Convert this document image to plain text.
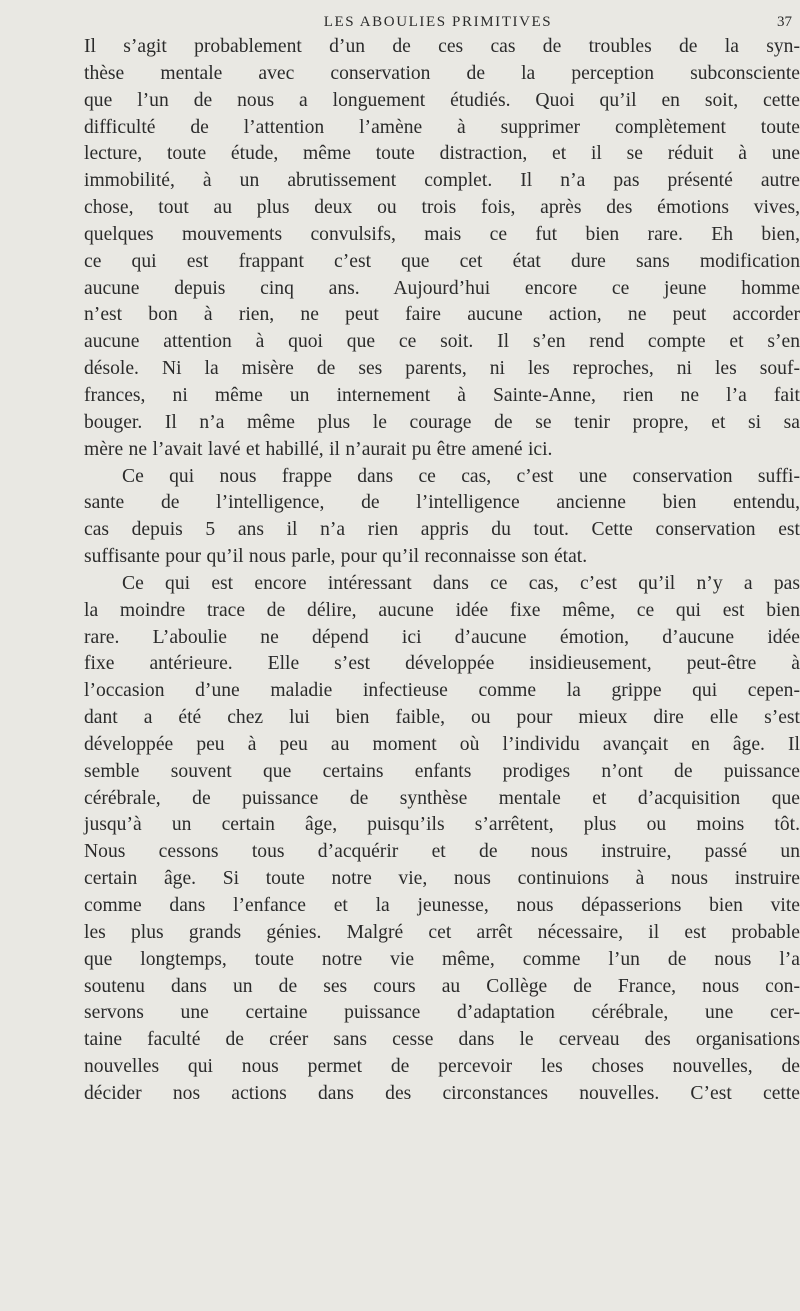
LES ABOULIES PRIMITIVES	37
Il s’agit probablement d’un de ces cas de troubles de la syn-
thèse mentale avec conservation de la perception subconsciente
que l’un de nous a longuement étudiés. Quoi qu’il en soit, cette
difficulté de l’attention l’amène à supprimer complètement toute
lecture, toute étude, même toute distraction, et il se réduit à une
immobilité, à un abrutissement complet. Il n’a pas présenté autre
chose, tout au plus deux ou trois fois, après des émotions vives,
quelques mouvements convulsifs, mais ce fut bien rare. Eh bien,
ce qui est frappant c’est que cet état dure sans modification
aucune depuis cinq ans. Aujourd’hui encore ce jeune homme
n’est bon à rien, ne peut faire aucune action, ne peut accorder
aucune attention à quoi que ce soit. Il s’en rend compte et s’en
désole. Ni la misère de ses parents, ni les reproches, ni les souf-
frances, ni même un internement à Sainte-Anne, rien ne l’a fait
bouger. Il n’a même plus le courage de se tenir propre, et si sa
mère ne l’avait lavé et habillé, il n’aurait pu être amené ici.
Ce qui nous frappe dans ce cas, c’est une conservation suffi-
sante de l’intelligence, de l’intelligence ancienne bien entendu,
cas depuis 5 ans il n’a rien appris du tout. Cette conservation est
suffisante pour qu’il nous parle, pour qu’il reconnaisse son état.
Ce qui est encore intéressant dans ce cas, c’est qu’il n’y a pas
la moindre trace de délire, aucune idée fixe même, ce qui est bien
rare. L’aboulie ne dépend ici d’aucune émotion, d’aucune idée
fixe antérieure. Elle s’est développée insidieusement, peut-être à
l’occasion d’une maladie infectieuse comme la grippe qui cepen-
dant a été chez lui bien faible, ou pour mieux dire elle s’est
développée peu à peu au moment où l’individu avançait en âge. Il
semble souvent que certains enfants prodiges n’ont de puissance
cérébrale, de puissance de synthèse mentale et d’acquisition que
jusqu’à un certain âge, puisqu’ils s’arrêtent, plus ou moins tôt.
Nous cessons tous d’acquérir et de nous instruire, passé un
certain âge. Si toute notre vie, nous continuions à nous instruire
comme dans l’enfance et la jeunesse, nous dépasserions bien vite
les plus grands génies. Malgré cet arrêt nécessaire, il est probable
que longtemps, toute notre vie même, comme l’un de nous l’a
soutenu dans un de ses cours au Collège de France, nous con-
servons une certaine puissance d’adaptation cérébrale, une cer-
taine faculté de créer sans cesse dans le cerveau des organisations
nouvelles qui nous permet de percevoir les choses nouvelles, de
décider nos actions dans des circonstances nouvelles. C’est cette
